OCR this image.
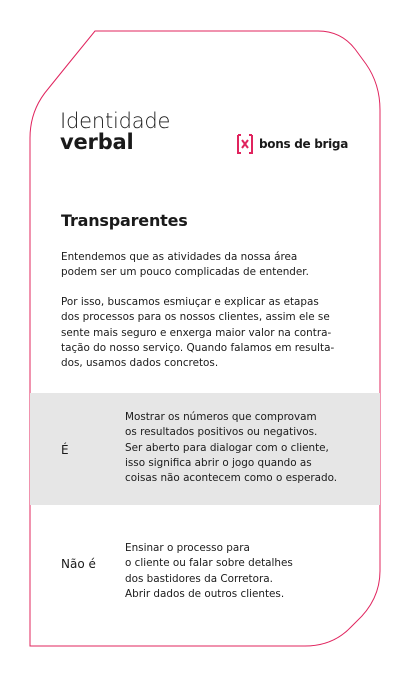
Identidade
verbal	bons de briga
Transparentes

Entendemos que as atividades da nossa área
podem ser um pouco complicadas de entender.

Por isso, buscamos esmiuçar e explicar as etapas
dos processos para os nossos clientes, assim ele se
sente mais seguro e enxerga maior valor na contra-
tação do nosso serviço. Quando falamos em resulta-
dos, usamos dados concretos.

É

Mostrar os números que comprovam
os resultados positivos ou negativos.
Ser aberto para dialogar com o cliente,
isso significa abrir o jogo quando as
coisas não acontecem como o esperado.

Não é

Ensinar o processo para
o cliente ou falar sobre detalhes
dos bastidores da Corretora.
Abrir dados de outros clientes.
